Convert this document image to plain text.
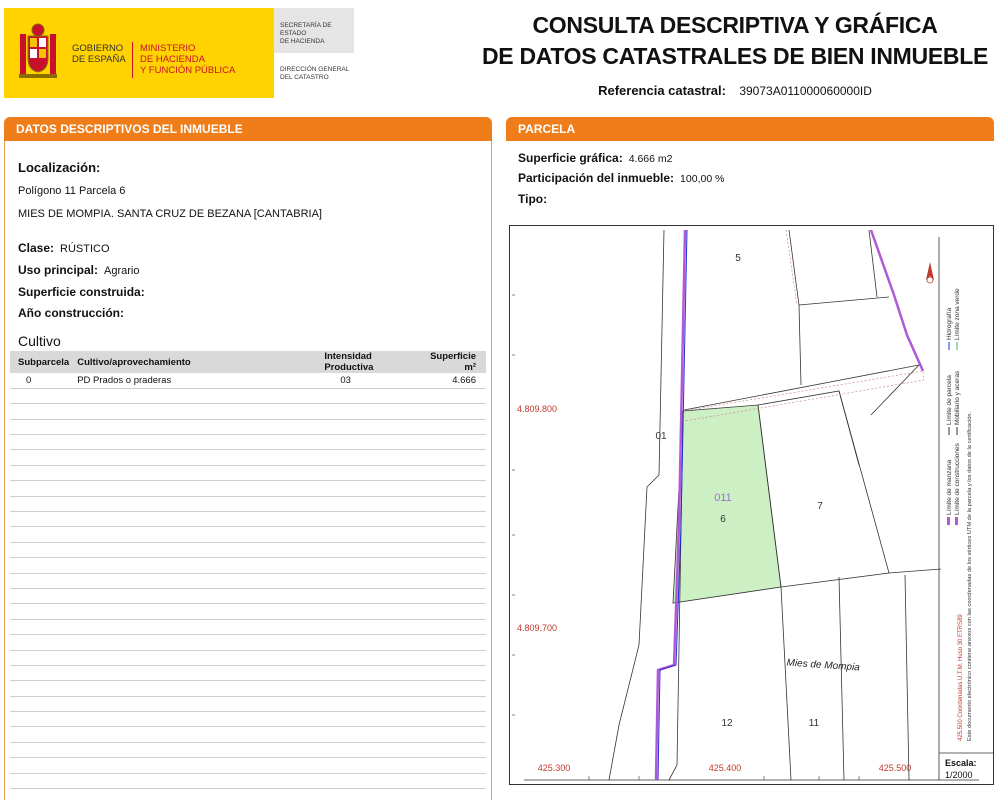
GOBIERNO
DE ESPAÑA
MINISTERIO
DE HACIENDA
Y FUNCIÓN PÚBLICA
SECRETARÍA DE ESTADO
DE HACIENDA
DIRECCIÓN GENERAL
DEL CATASTRO
CONSULTA DESCRIPTIVA Y GRÁFICA
DE DATOS CATASTRALES DE BIEN INMUEBLE
Referencia catastral: 39073A011000060000ID
DATOS DESCRIPTIVOS DEL INMUEBLE
Localización:
Polígono 11 Parcela 6
MIES DE MOMPIA. SANTA CRUZ DE BEZANA [CANTABRIA]
Clase: RÚSTICO
Uso principal: Agrario
Superficie construida:
Año construcción:
Cultivo
Subparcela	Cultivo/aprovechamiento	Intensidad Productiva	Superficie m²
0	PD Prados o praderas	03	4.666

PARCELA
Superficie gráfica: 4.666 m2
Participación del inmueble: 100,00 %
Tipo:
5
01
011
6
7
12	11
Mies de Mompia
4.809.800
4.809.700
425.300	425.400	425.500
Límite de manzana
Límite de parcela
Hidrografía
Límite de construcciones
Mobiliario y aceras
Límite zona verde
425.500 Coordenadas U.T.M. Huso 30 ETRS89 Este documento electrónico contiene anexos con las coordenadas de los vértices UTM de la parcela y los datos de la certificación.
Escala:
1/2000
